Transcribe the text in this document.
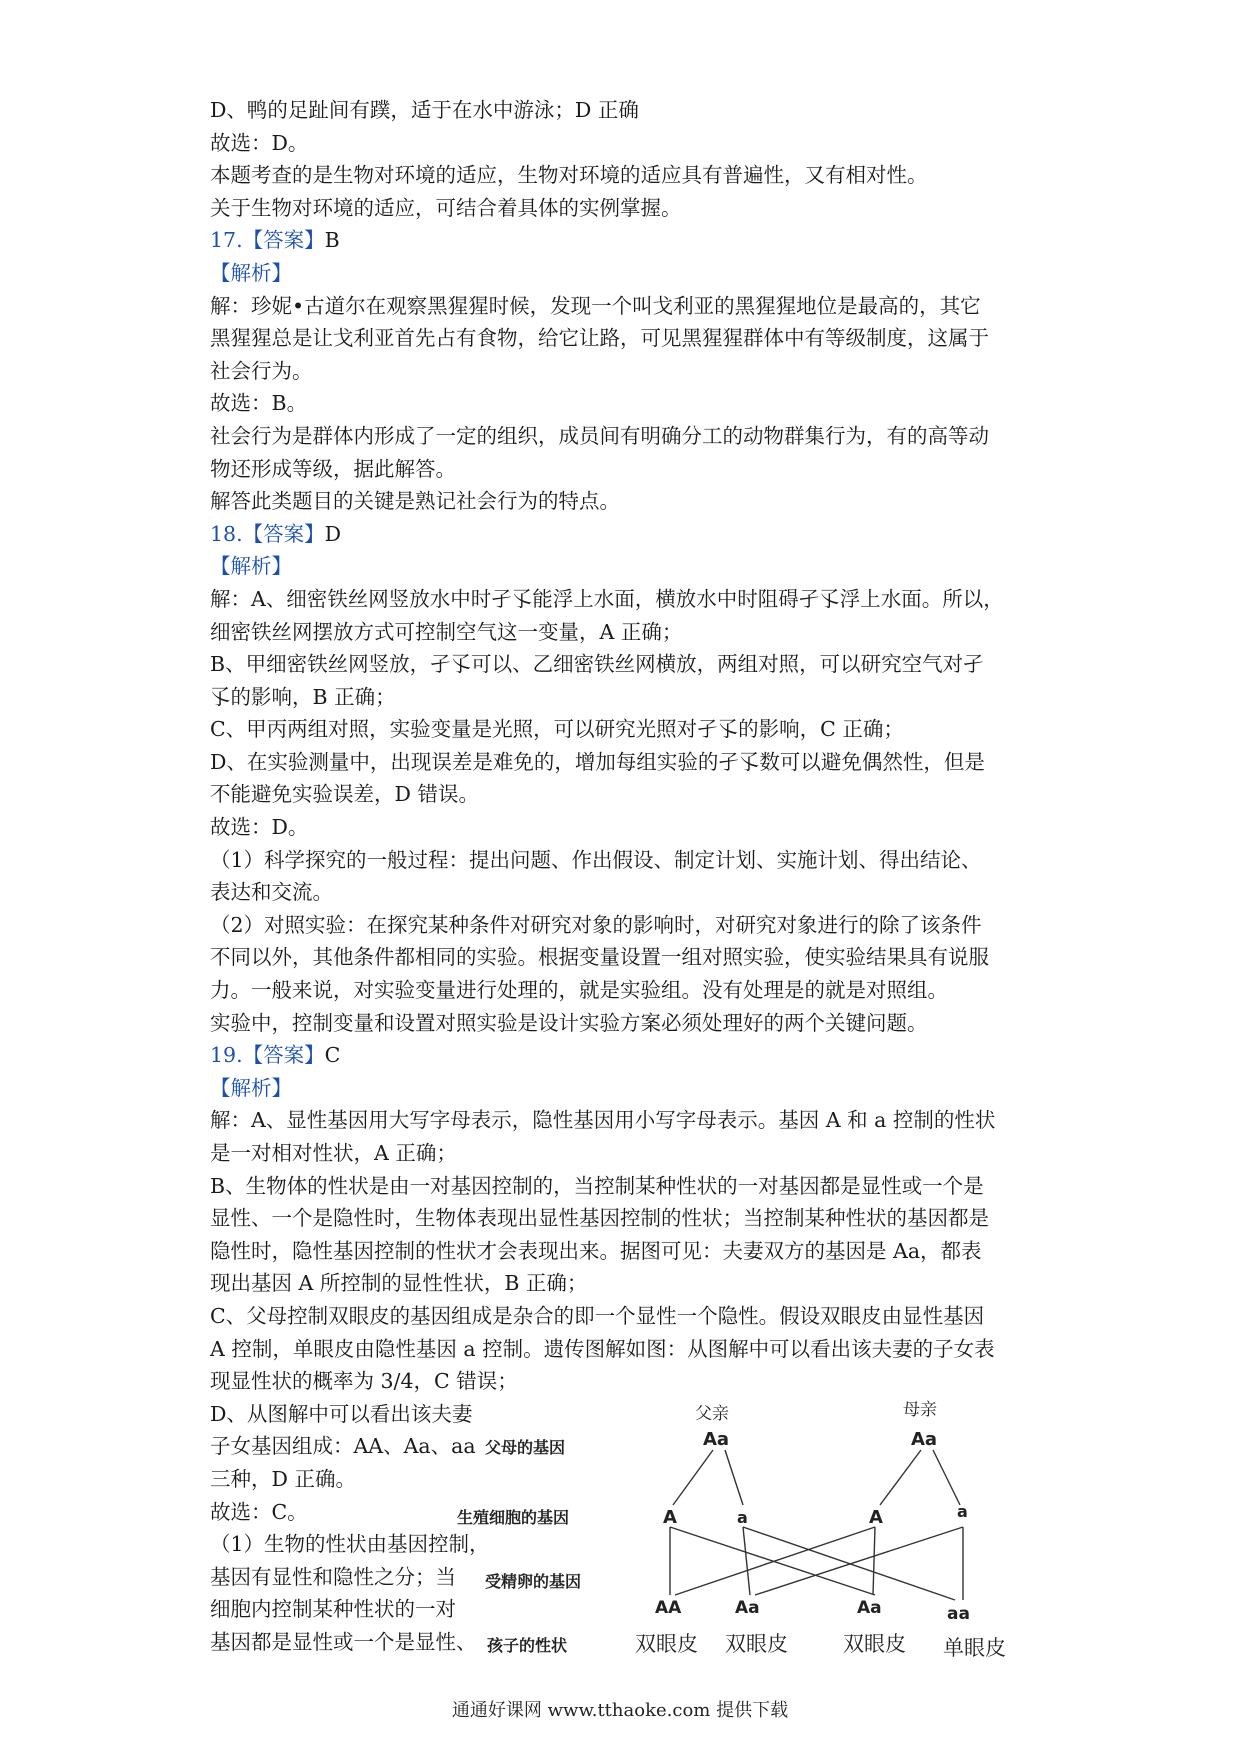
D、鸭的足趾间有蹼，适于在水中游泳；D 正确
故选：D。
本题考查的是生物对环境的适应，生物对环境的适应具有普遍性，又有相对性。
关于生物对环境的适应，可结合着具体的实例掌握。
17.【答案】B
【解析】
解：珍妮•古道尔在观察黑猩猩时候，发现一个叫戈利亚的黑猩猩地位是最高的，其它
黑猩猩总是让戈利亚首先占有食物，给它让路，可见黑猩猩群体中有等级制度，这属于
社会行为。
故选：B。
社会行为是群体内形成了一定的组织，成员间有明确分工的动物群集行为，有的高等动
物还形成等级，据此解答。
解答此类题目的关键是熟记社会行为的特点。
18.【答案】D
【解析】
解：A、细密铁丝网竖放水中时孑孓能浮上水面，横放水中时阻碍孑孓浮上水面。所以，
细密铁丝网摆放方式可控制空气这一变量，A 正确；
B、甲细密铁丝网竖放，孑孓可以、乙细密铁丝网横放，两组对照，可以研究空气对孑
孓的影响，B 正确；
C、甲丙两组对照，实验变量是光照，可以研究光照对孑孓的影响，C 正确；
D、在实验测量中，出现误差是难免的，增加每组实验的孑孓数可以避免偶然性，但是
不能避免实验误差，D 错误。
故选：D。
（1）科学探究的一般过程：提出问题、作出假设、制定计划、实施计划、得出结论、
表达和交流。
（2）对照实验：在探究某种条件对研究对象的影响时，对研究对象进行的除了该条件
不同以外，其他条件都相同的实验。根据变量设置一组对照实验，使实验结果具有说服
力。一般来说，对实验变量进行处理的，就是实验组。没有处理是的就是对照组。
实验中，控制变量和设置对照实验是设计实验方案必须处理好的两个关键问题。
19.【答案】C
【解析】
解：A、显性基因用大写字母表示，隐性基因用小写字母表示。基因 A 和 a 控制的性状
是一对相对性状，A 正确；
B、生物体的性状是由一对基因控制的，当控制某种性状的一对基因都是显性或一个是
显性、一个是隐性时，生物体表现出显性基因控制的性状；当控制某种性状的基因都是
隐性时，隐性基因控制的性状才会表现出来。据图可见：夫妻双方的基因是 Aa，都表
现出基因 A 所控制的显性性状，B 正确；
C、父母控制双眼皮的基因组成是杂合的即一个显性一个隐性。假设双眼皮由显性基因
A 控制，单眼皮由隐性基因 a 控制。遗传图解如图：从图解中可以看出该夫妻的子女表
现显性状的概率为 3/4，C 错误；
D、从图解中可以看出该夫妻
子女基因组成：AA、Aa、aa
三种，D 正确。
故选：C。
（1）生物的性状由基因控制，
基因有显性和隐性之分；当
细胞内控制某种性状的一对
基因都是显性或一个是显性、
父亲	母亲
父母的基因
生殖细胞的基因
受精卵的基因
孩子的性状
Aa	Aa
A	a	A	a
AA	Aa	Aa	aa
双眼皮 双眼皮	双眼皮 单眼皮
通通好课网 www.tthaoke.com 提供下载
